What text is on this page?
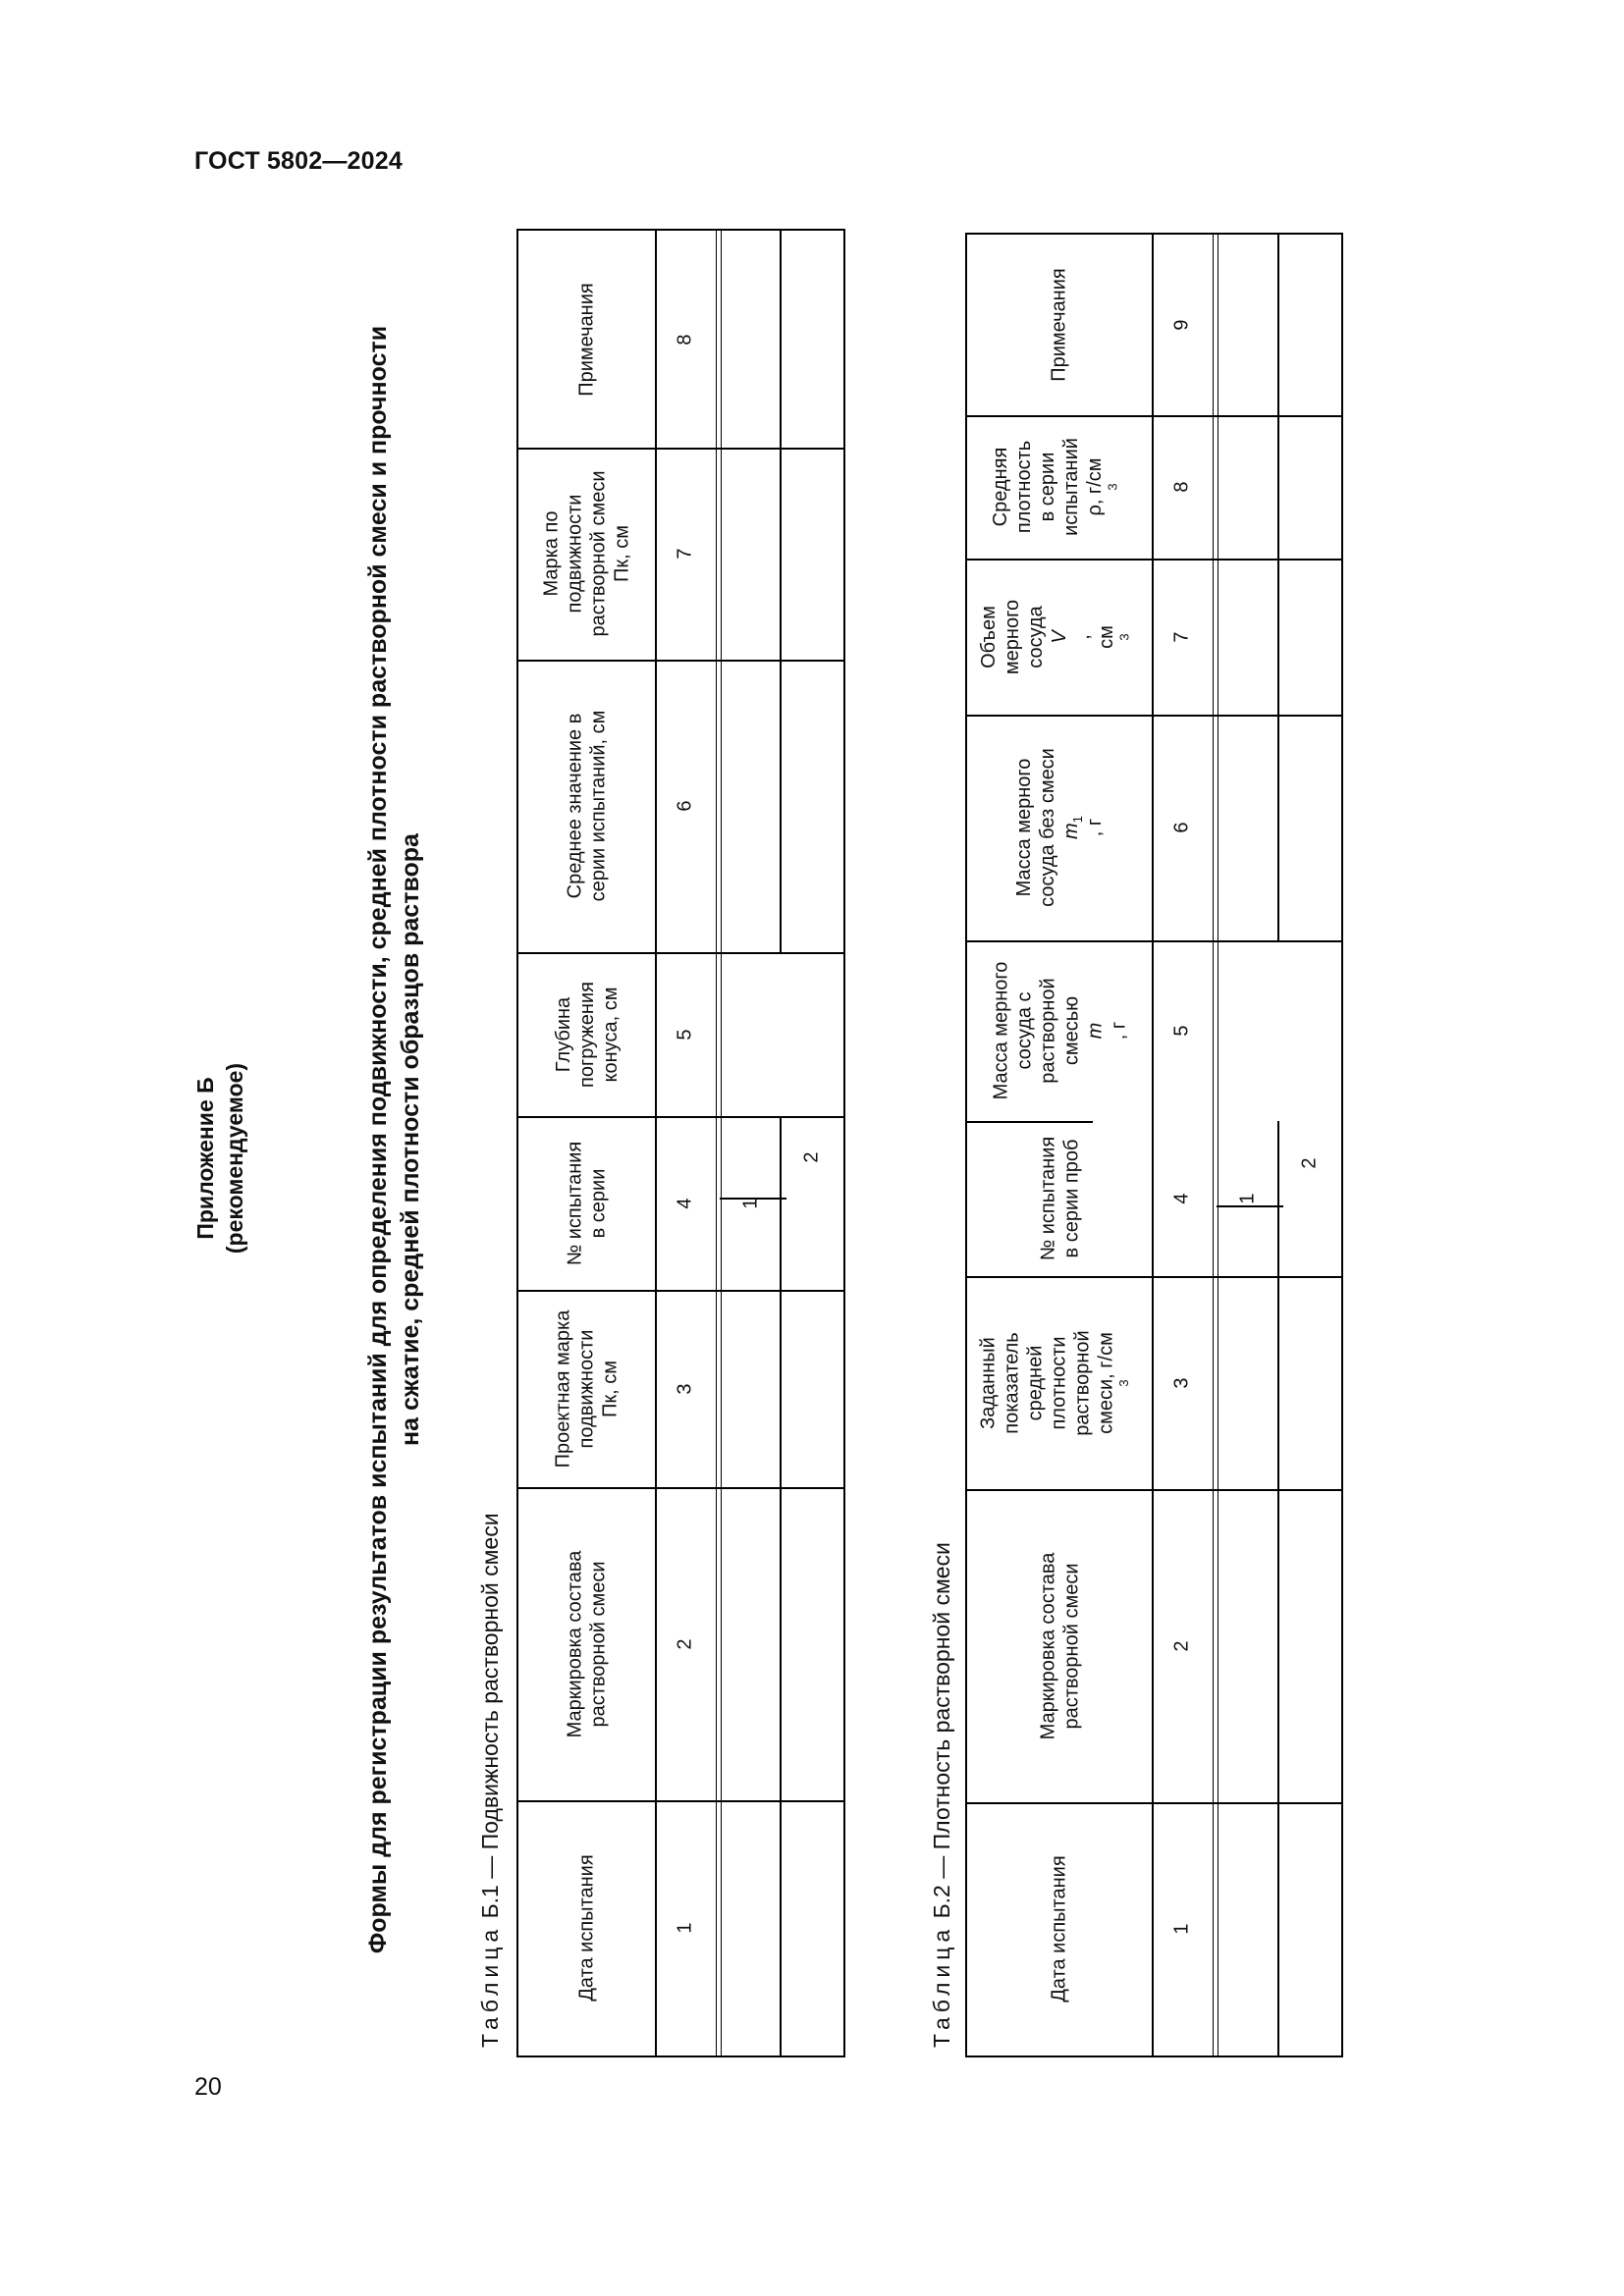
ГОСТ 5802—2024
Приложение Б (рекомендуемое)	Формы для регистрации результатов испытаний для определения подвижности, средней плотности растворной смеси и прочности на сжатие, средней плотности образцов раствора
Таблица Б.1 — Подвижность растворной смеси
Дата испытания
Маркировка состава растворной смеси
Проектная марка подвижности Пк, см
№ испытания в серии
Глубина погружения конуса, см
Среднее значение в серии испытаний, см
Марка по подвижности растворной смеси Пк, см
Примечания
1
2
3
4
5
6
7
8
1
2
Таблица Б.2 — Плотность растворной смеси
Дата испытания
Маркировка состава растворной смеси
Заданный показатель средней плотности растворной смеси, г/см $^3$
№ испытания в серии проб
Масса мерного сосуда с растворной смесью m , г
Масса мерного сосуда без смеси $m_1$ , г
Объем мерного сосуда V , см $^3$
Средняя плотность в серии испытаний ρ, г/см $^3$
Примечания
1
2
3
4
5
6
7
8
9
1
2
20
